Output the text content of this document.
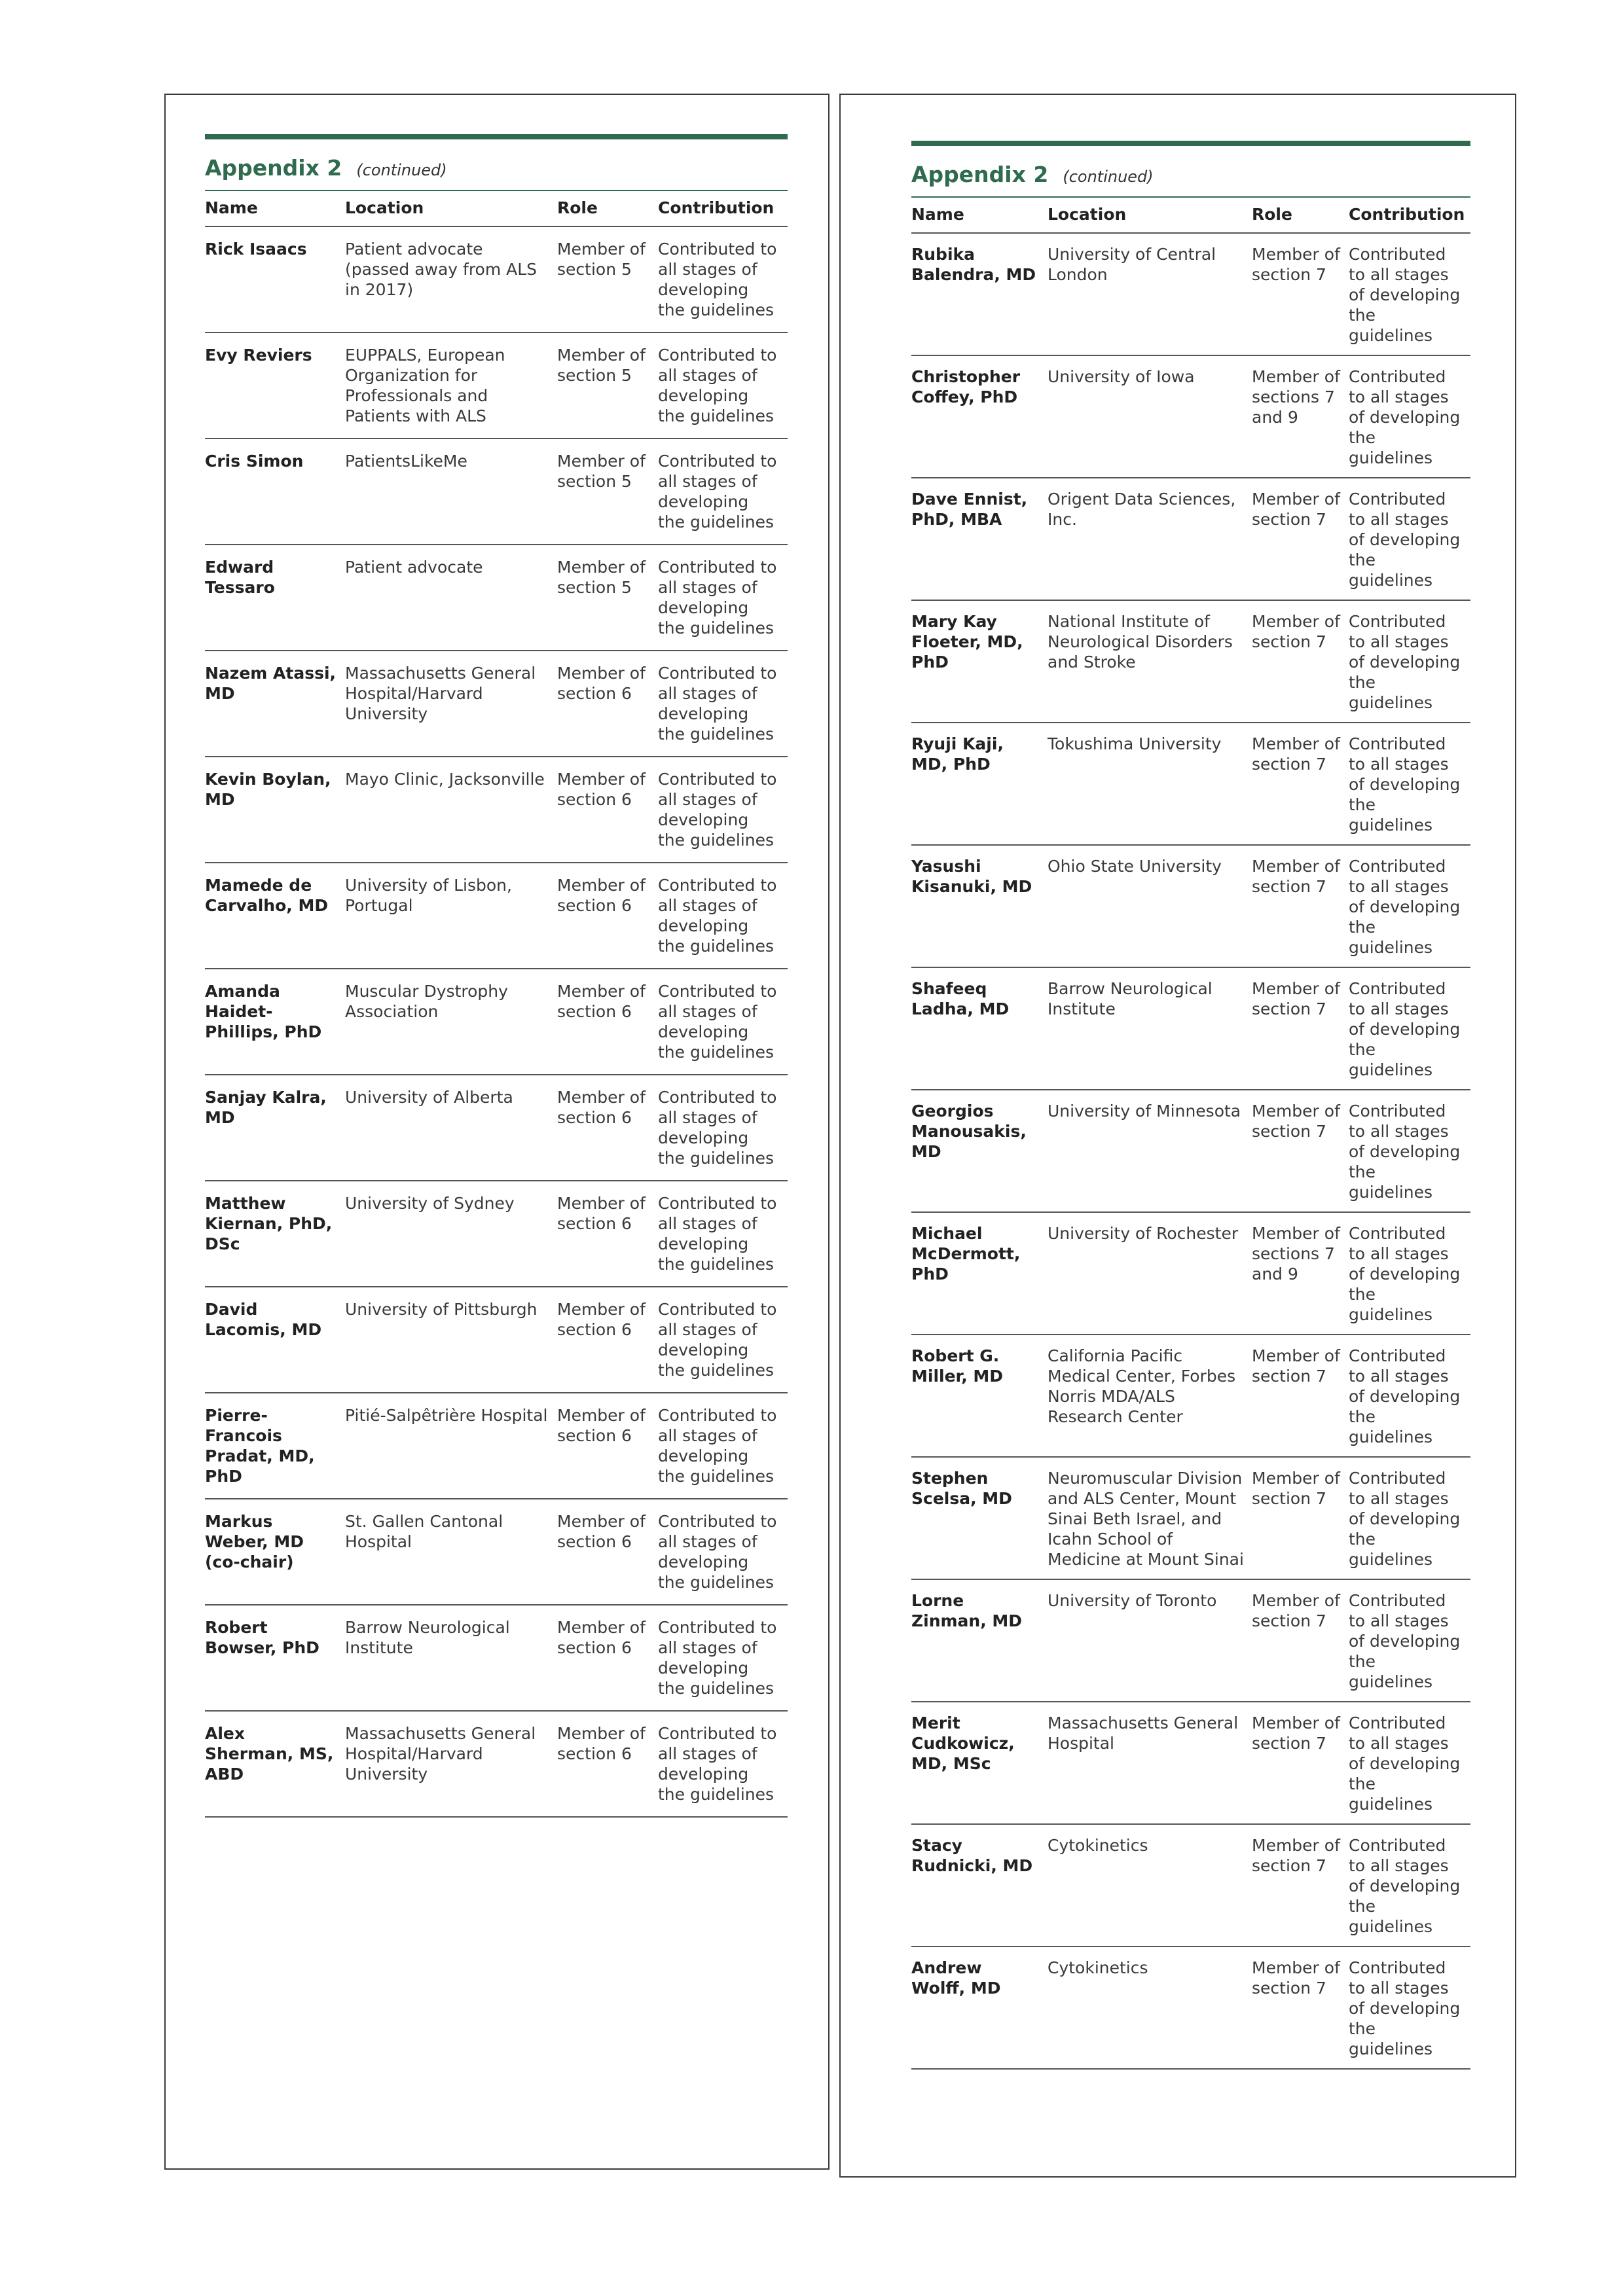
Appendix 2 (continued)
Name	Location	Role	Contribution
Rick Isaacs	Patient advocate (passed away from ALS in 2017)	Member of section 5	Contributed to all stages of developing the guidelines
Evy Reviers	EUPPALS, European Organization for Professionals and Patients with ALS	Member of section 5	Contributed to all stages of developing the guidelines
Cris Simon	PatientsLikeMe	Member of section 5	Contributed to all stages of developing the guidelines
Edward Tessaro	Patient advocate	Member of section 5	Contributed to all stages of developing the guidelines
Nazem Atassi, MD	Massachusetts General Hospital/Harvard University	Member of section 6	Contributed to all stages of developing the guidelines
Kevin Boylan, MD	Mayo Clinic, Jacksonville	Member of section 6	Contributed to all stages of developing the guidelines
Mamede de Carvalho, MD	University of Lisbon, Portugal	Member of section 6	Contributed to all stages of developing the guidelines
Amanda Haidet-Phillips, PhD	Muscular Dystrophy Association	Member of section 6	Contributed to all stages of developing the guidelines
Sanjay Kalra, MD	University of Alberta	Member of section 6	Contributed to all stages of developing the guidelines
Matthew Kiernan, PhD, DSc	University of Sydney	Member of section 6	Contributed to all stages of developing the guidelines
David Lacomis, MD	University of Pittsburgh	Member of section 6	Contributed to all stages of developing the guidelines
Pierre-Francois Pradat, MD, PhD	Pitié-Salpêtrière Hospital	Member of section 6	Contributed to all stages of developing the guidelines
Markus Weber, MD (co-chair)	St. Gallen Cantonal Hospital	Member of section 6	Contributed to all stages of developing the guidelines
Robert Bowser, PhD	Barrow Neurological Institute	Member of section 6	Contributed to all stages of developing the guidelines
Alex Sherman, MS, ABD	Massachusetts General Hospital/Harvard University	Member of section 6	Contributed to all stages of developing the guidelines
Appendix 2 (continued)
Name	Location	Role	Contribution
Rubika Balendra, MD	University of Central London	Member of section 7	Contributed to all stages of developing the guidelines
Christopher Coffey, PhD	University of Iowa	Member of sections 7 and 9	Contributed to all stages of developing the guidelines
Dave Ennist, PhD, MBA	Origent Data Sciences, Inc.	Member of section 7	Contributed to all stages of developing the guidelines
Mary Kay Floeter, MD, PhD	National Institute of Neurological Disorders and Stroke	Member of section 7	Contributed to all stages of developing the guidelines
Ryuji Kaji, MD, PhD	Tokushima University	Member of section 7	Contributed to all stages of developing the guidelines
Yasushi Kisanuki, MD	Ohio State University	Member of section 7	Contributed to all stages of developing the guidelines
Shafeeq Ladha, MD	Barrow Neurological Institute	Member of section 7	Contributed to all stages of developing the guidelines
Georgios Manousakis, MD	University of Minnesota	Member of section 7	Contributed to all stages of developing the guidelines
Michael McDermott, PhD	University of Rochester	Member of sections 7 and 9	Contributed to all stages of developing the guidelines
Robert G. Miller, MD	California Pacific Medical Center, Forbes Norris MDA/ALS Research Center	Member of section 7	Contributed to all stages of developing the guidelines
Stephen Scelsa, MD	Neuromuscular Division and ALS Center, Mount Sinai Beth Israel, and Icahn School of Medicine at Mount Sinai	Member of section 7	Contributed to all stages of developing the guidelines
Lorne Zinman, MD	University of Toronto	Member of section 7	Contributed to all stages of developing the guidelines
Merit Cudkowicz, MD, MSc	Massachusetts General Hospital	Member of section 7	Contributed to all stages of developing the guidelines
Stacy Rudnicki, MD	Cytokinetics	Member of section 7	Contributed to all stages of developing the guidelines
Andrew Wolff, MD	Cytokinetics	Member of section 7	Contributed to all stages of developing the guidelines
